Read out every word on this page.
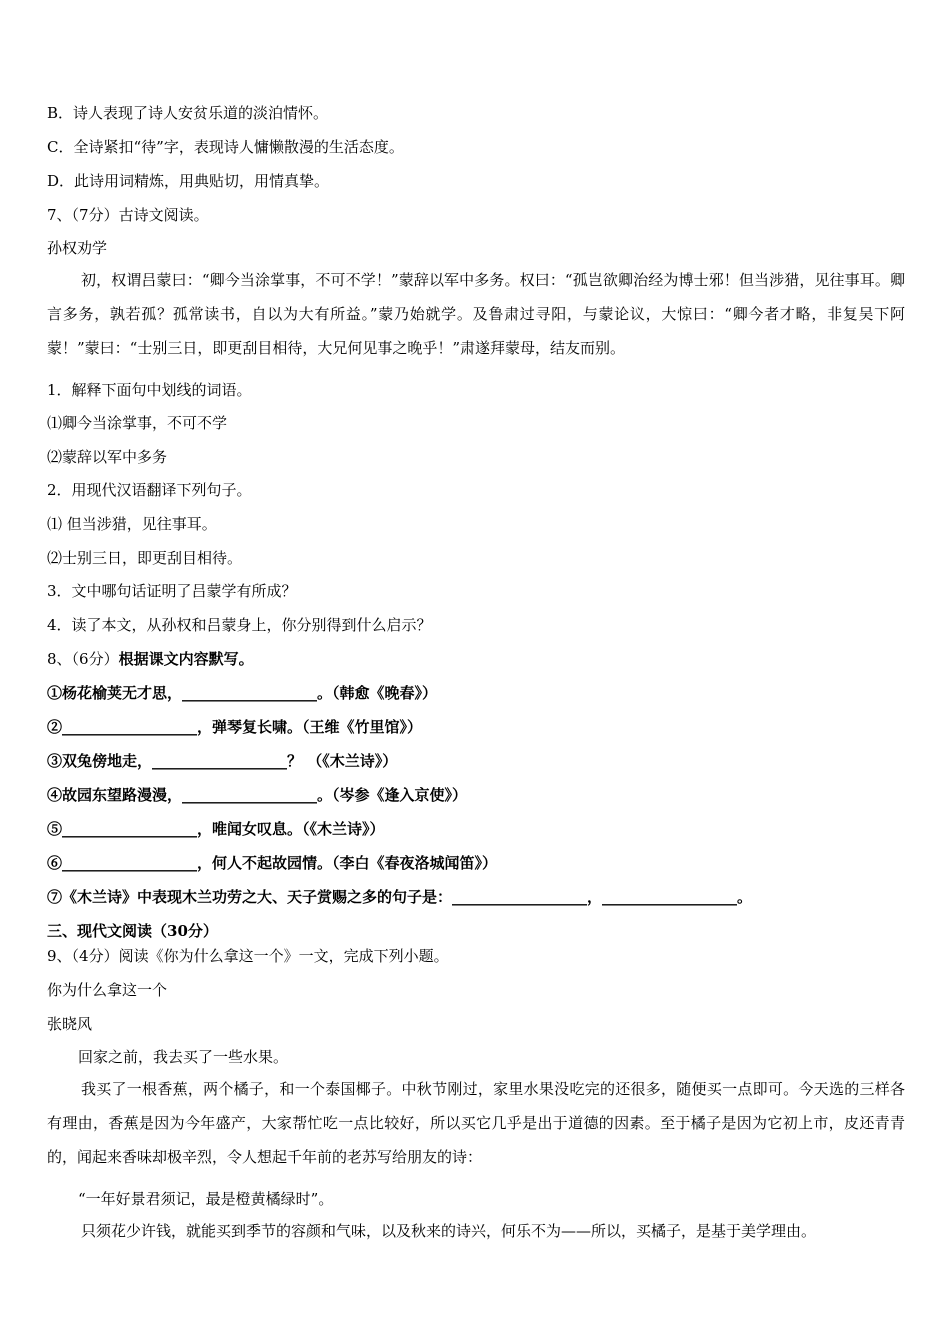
B．诗人表现了诗人安贫乐道的淡泊情怀。
C．全诗紧扣“待”字，表现诗人慵懒散漫的生活态度。
D．此诗用词精炼，用典贴切，用情真挚。
7、（7分）古诗文阅读。
孙权劝学
初，权谓吕蒙曰：“卿今当涂掌事，不可不学！”蒙辞以军中多务。权曰：“孤岂欲卿治经为博士邪！但当涉猎，见往事耳。卿言多务，孰若孤？孤常读书，自以为大有所益。”蒙乃始就学。及鲁肃过寻阳，与蒙论议，大惊曰：“卿今者才略，非复吴下阿蒙！”蒙曰：“士别三日，即更刮目相待，大兄何见事之晚乎！”肃遂拜蒙母，结友而别。
1．解释下面句中划线的词语。
⑴卿今当涂掌事，不可不学
⑵蒙辞以军中多务
2．用现代汉语翻译下列句子。
⑴ 但当涉猎，见往事耳。
⑵士别三日，即更刮目相待。
3．文中哪句话证明了吕蒙学有所成？
4．读了本文，从孙权和吕蒙身上，你分别得到什么启示？
8、（6分）根据课文内容默写。
①杨花榆荚无才思，__________________。（韩愈《晚春》）
②__________________，弹琴复长啸。（王维《竹里馆》）
③双兔傍地走，__________________？ （《木兰诗》）
④故园东望路漫漫，__________________。（岑参《逢入京使》）
⑤__________________，唯闻女叹息。（《木兰诗》）
⑥__________________，何人不起故园情。（李白《春夜洛城闻笛》）
⑦《木兰诗》中表现木兰功劳之大、天子赏赐之多的句子是：__________________，__________________。
三、现代文阅读（30分）
9、（4分）阅读《你为什么拿这一个》一文，完成下列小题。
你为什么拿这一个
张晓风
回家之前，我去买了一些水果。
我买了一根香蕉，两个橘子，和一个泰国椰子。中秋节刚过，家里水果没吃完的还很多，随便买一点即可。今天选的三样各有理由，香蕉是因为今年盛产，大家帮忙吃一点比较好，所以买它几乎是出于道德的因素。至于橘子是因为它初上市，皮还青青的，闻起来香味却极辛烈，令人想起千年前的老苏写给朋友的诗：
“一年好景君须记，最是橙黄橘绿时”。
只须花少许钱，就能买到季节的容颜和气味，以及秋来的诗兴，何乐不为——所以，买橘子，是基于美学理由。
